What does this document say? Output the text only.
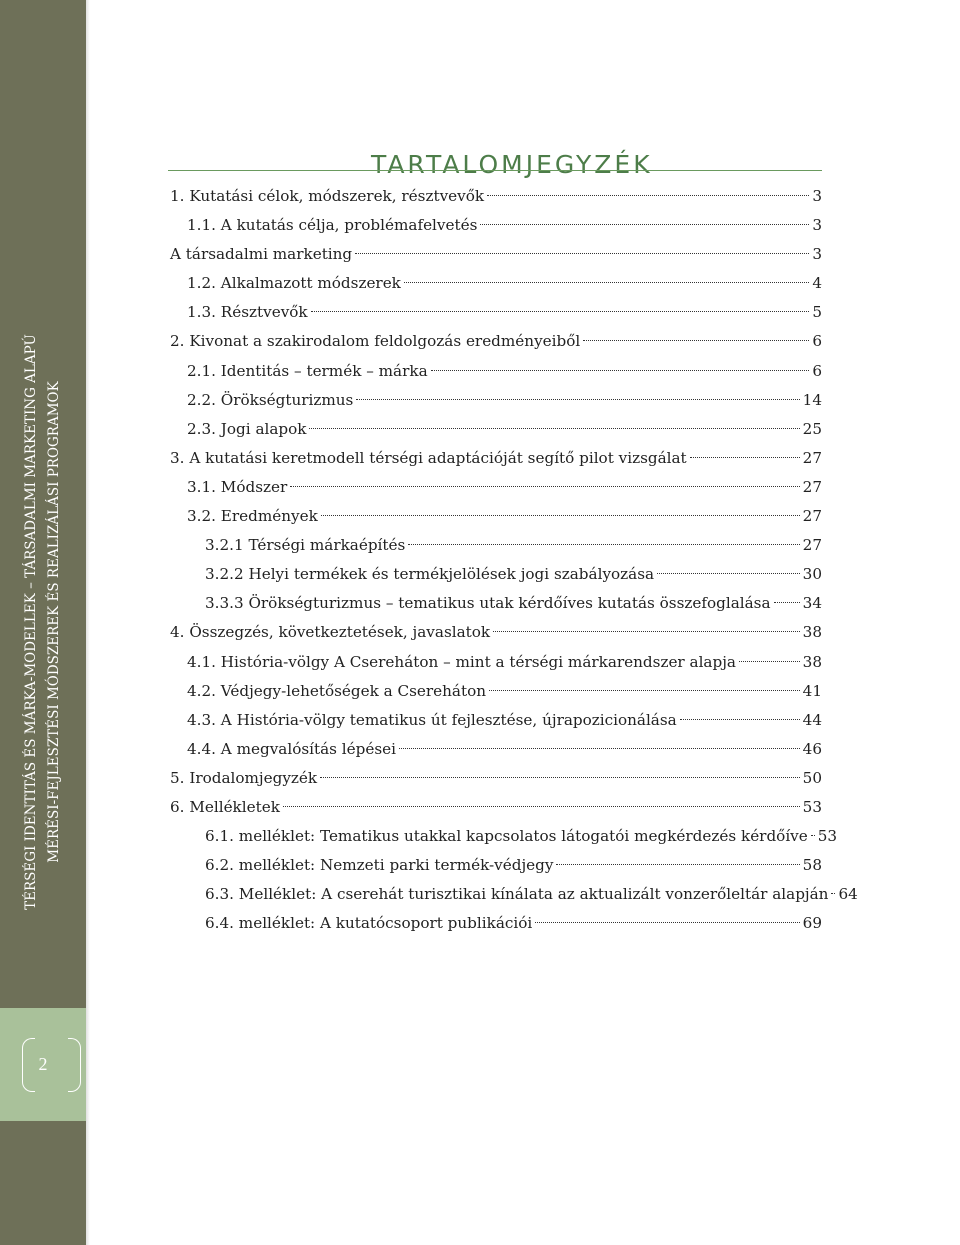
TÉRSÉGI IDENTITÁS ÉS MÁRKA-MODELLEK – TÁRSADALMI MARKETING ALAPÚ MÉRÉSI-FEJLESZTÉSI MÓDSZEREK ÉS REALIZÁLÁSI PROGRAMOK
2
TARTALOMJEGYZÉK
1. Kutatási célok, módszerek, résztvevők	3
1.1. A kutatás célja, problémafelvetés	3
A társadalmi marketing	3
1.2. Alkalmazott módszerek	4
1.3. Résztvevők	5
2. Kivonat a szakirodalom feldolgozás eredményeiből	6
2.1. Identitás – termék – márka	6
2.2. Örökségturizmus	14
2.3. Jogi alapok	25
3. A kutatási keretmodell térségi adaptációját segítő pilot vizsgálat	27
3.1. Módszer	27
3.2. Eredmények	27
3.2.1 Térségi márkaépítés	27
3.2.2 Helyi termékek és termékjelölések jogi szabályozása	30
3.3.3 Örökségturizmus – tematikus utak kérdőíves kutatás összefoglalása 34
4. Összegzés, következtetések, javaslatok	38
4.1. História-völgy A Csereháton – mint a térségi márkarendszer alapja	38
4.2. Védjegy-lehetőségek a Csereháton	41
4.3. A História-völgy tematikus út fejlesztése, újrapozicionálása	44
4.4. A megvalósítás lépései	46
5. Irodalomjegyzék	50
6. Mellékletek	53
6.1. melléklet: Tematikus utakkal kapcsolatos látogatói megkérdezés kérdőíve 53
6.2. melléklet: Nemzeti parki termék-védjegy	58
6.3. Melléklet: A cserehát turisztikai kínálata az aktualizált vonzerőleltár alapján 64
6.4. melléklet: A kutatócsoport publikációi	69
